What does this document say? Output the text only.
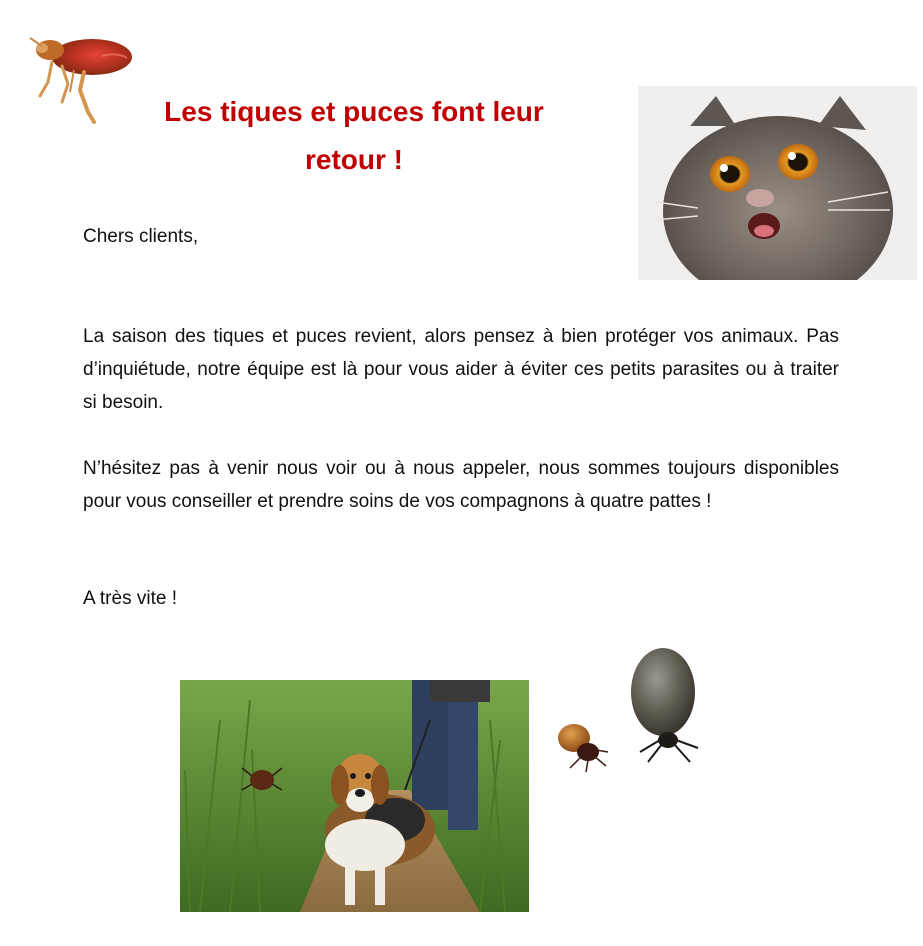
Les tiques et puces font leur
retour !
Chers clients,
La saison des tiques et puces revient, alors pensez à bien protéger vos animaux. Pas d’inquiétude, notre équipe est là pour vous aider à éviter ces petits parasites ou à traiter si besoin.
N’hésitez pas à venir nous voir ou à nous appeler, nous sommes toujours disponibles pour vous conseiller et prendre soins de vos compagnons à quatre pattes !
A très vite !
